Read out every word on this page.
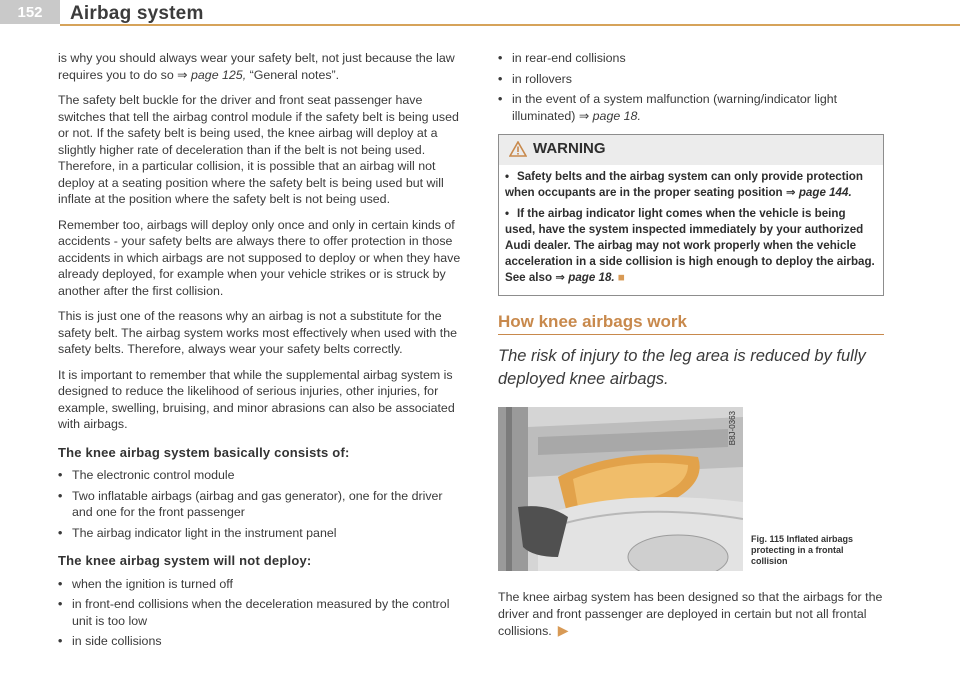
152	Airbag system

is why you should always wear your safety belt, not just because the law requires you to do so ⇒ page 125, “General notes”.

The safety belt buckle for the driver and front seat passenger have switches that tell the airbag control module if the safety belt is being used or not. If the safety belt is being used, the knee airbag will deploy at a slightly higher rate of deceleration than if the belt is not being used. Therefore, in a particular collision, it is possible that an airbag will not deploy at a seating position where the safety belt is being used but will inflate at the position where the safety belt is not being used.

Remember too, airbags will deploy only once and only in certain kinds of accidents - your safety belts are always there to offer protection in those accidents in which airbags are not supposed to deploy or when they have already deployed, for example when your vehicle strikes or is struck by another after the first collision.

This is just one of the reasons why an airbag is not a substitute for the safety belt. The airbag system works most effectively when used with the safety belts. Therefore, always wear your safety belts correctly.

It is important to remember that while the supplemental airbag system is designed to reduce the likelihood of serious injuries, other injuries, for example, swelling, bruising, and minor abrasions can also be associated with airbags.

The knee airbag system basically consists of:
• The electronic control module
• Two inflatable airbags (airbag and gas generator), one for the driver and one for the front passenger
• The airbag indicator light in the instrument panel
The knee airbag system will not deploy:
• when the ignition is turned off
• in front-end collisions when the deceleration measured by the control unit is too low
• in side collisions
• in rear-end collisions
• in rollovers
• in the event of a system malfunction (warning/indicator light illuminated) ⇒ page 18.
WARNING

• Safety belts and the airbag system can only provide protection when occupants are in the proper seating position ⇒ page 144.

• If the airbag indicator light comes when the vehicle is being used, have the system inspected immediately by your authorized Audi dealer. The airbag may not work properly when the vehicle acceleration in a side collision is high enough to deploy the airbag. See also ⇒ page 18. ■

How knee airbags work
The risk of injury to the leg area is reduced by fully deployed knee airbags.
B8J-0363
Fig. 115 Inflated airbags protecting in a frontal collision

The knee airbag system has been designed so that the airbags for the driver and front passenger are deployed in certain but not all frontal collisions. ▶
